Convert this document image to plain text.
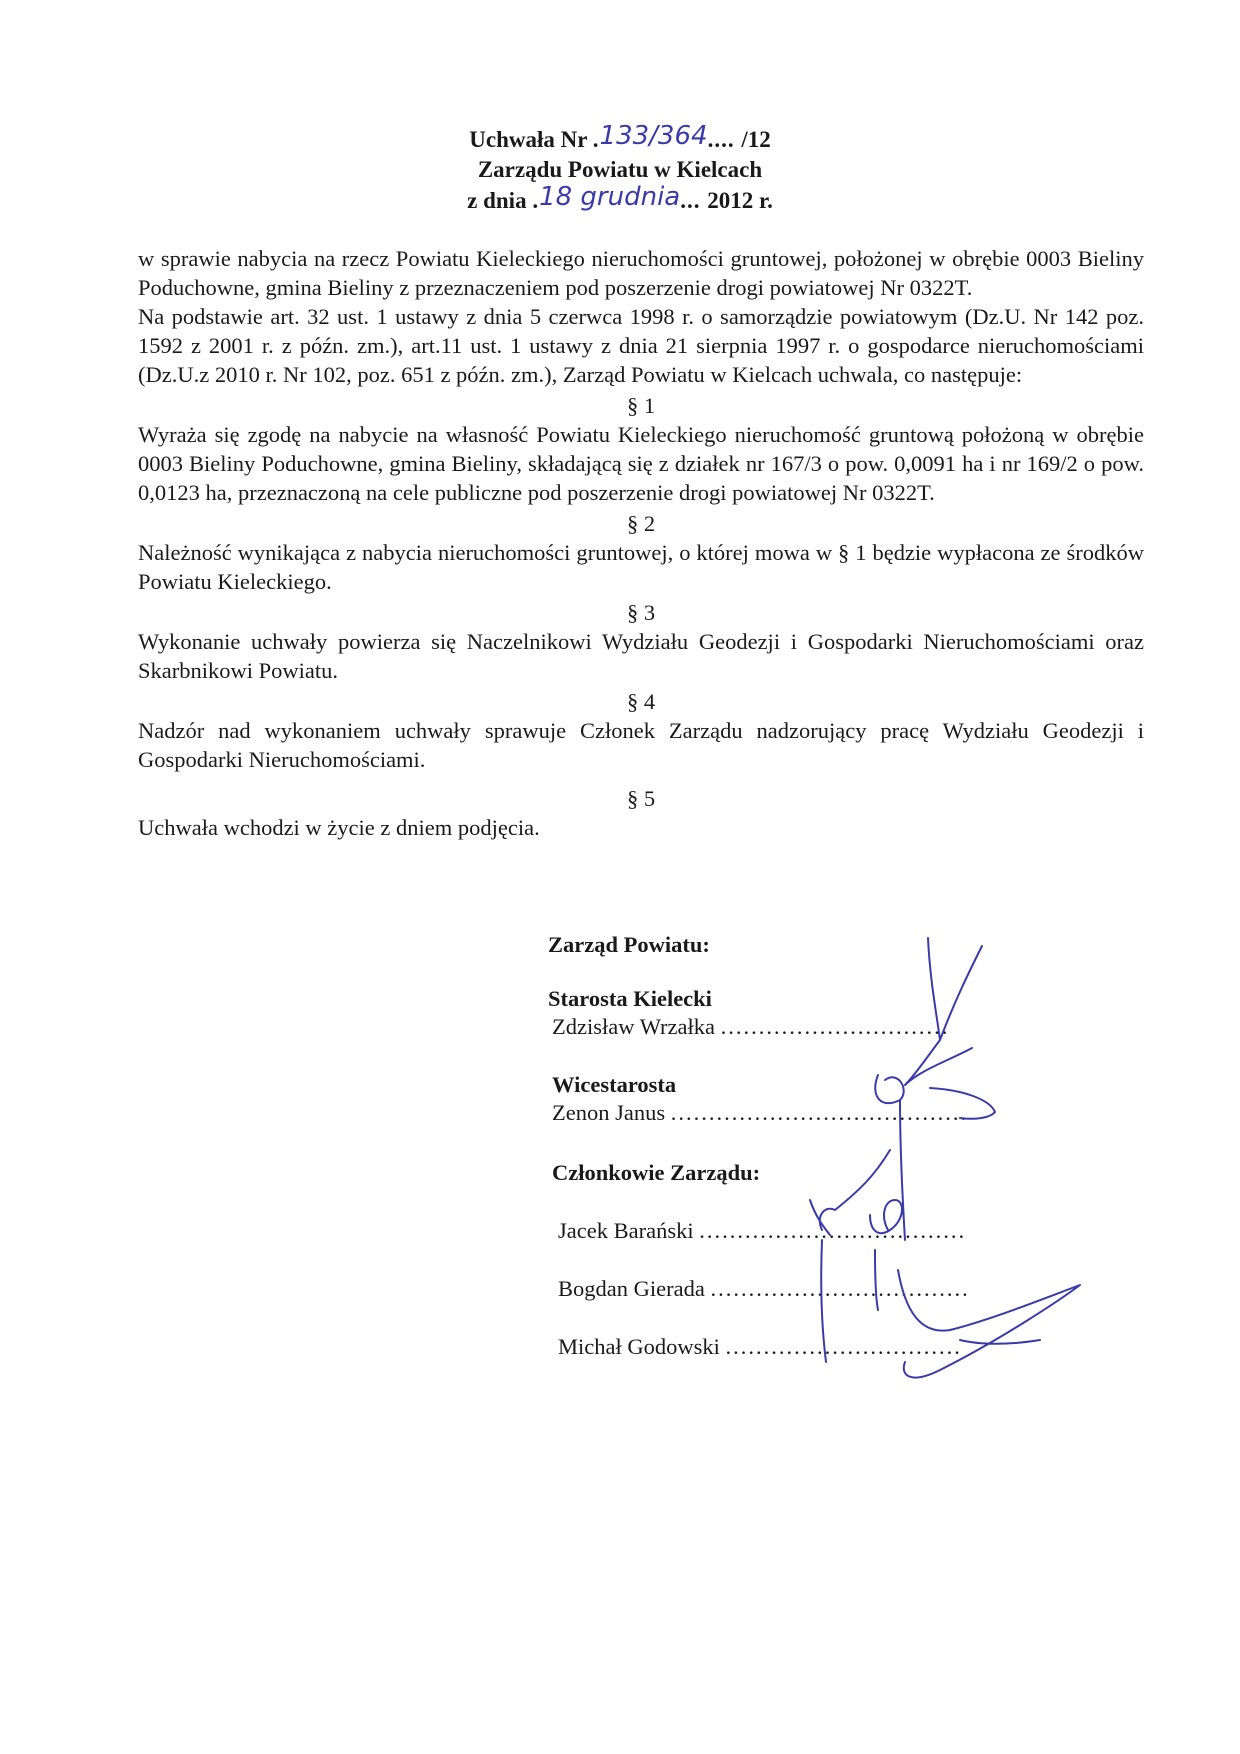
Uchwała Nr .133/364.... /12
Zarządu Powiatu w Kielcach
z dnia .18 grudnia... 2012 r.

w sprawie nabycia na rzecz Powiatu Kieleckiego nieruchomości gruntowej, położonej w obrębie 0003 Bieliny Poduchowne, gmina Bieliny z przeznaczeniem pod poszerzenie drogi powiatowej Nr 0322T.

Na podstawie art. 32 ust. 1 ustawy z dnia 5 czerwca 1998 r. o samorządzie powiatowym (Dz.U. Nr 142 poz. 1592 z 2001 r. z późn. zm.), art.11 ust. 1 ustawy z dnia 21 sierpnia 1997 r. o gospodarce nieruchomościami (Dz.U.z 2010 r. Nr 102, poz. 651 z późn. zm.), Zarząd Powiatu w Kielcach uchwala, co następuje:

§ 1

Wyraża się zgodę na nabycie na własność Powiatu Kieleckiego nieruchomość gruntową położoną w obrębie 0003 Bieliny Poduchowne, gmina Bieliny, składającą się z działek nr 167/3 o pow. 0,0091 ha i nr 169/2 o pow. 0,0123 ha, przeznaczoną na cele publiczne pod poszerzenie drogi powiatowej Nr 0322T.

§ 2

Należność wynikająca z nabycia nieruchomości gruntowej, o której mowa w § 1 będzie wypłacona ze środków Powiatu Kieleckiego.

§ 3

Wykonanie uchwały powierza się Naczelnikowi Wydziału Geodezji i Gospodarki Nieruchomościami oraz Skarbnikowi Powiatu.

§ 4

Nadzór nad wykonaniem uchwały sprawuje Członek Zarządu nadzorujący pracę Wydziału Geodezji i Gospodarki Nieruchomościami.

§ 5

Uchwała wchodzi w życie z dniem podjęcia.

Zarząd Powiatu:
Starosta Kielecki
Zdzisław Wrzałka ..............................
Wicestarosta
Zenon Janus .......................................
Członkowie Zarządu:
Jacek Barański ...................................
Bogdan Gierada ..................................
Michał Godowski ...............................
